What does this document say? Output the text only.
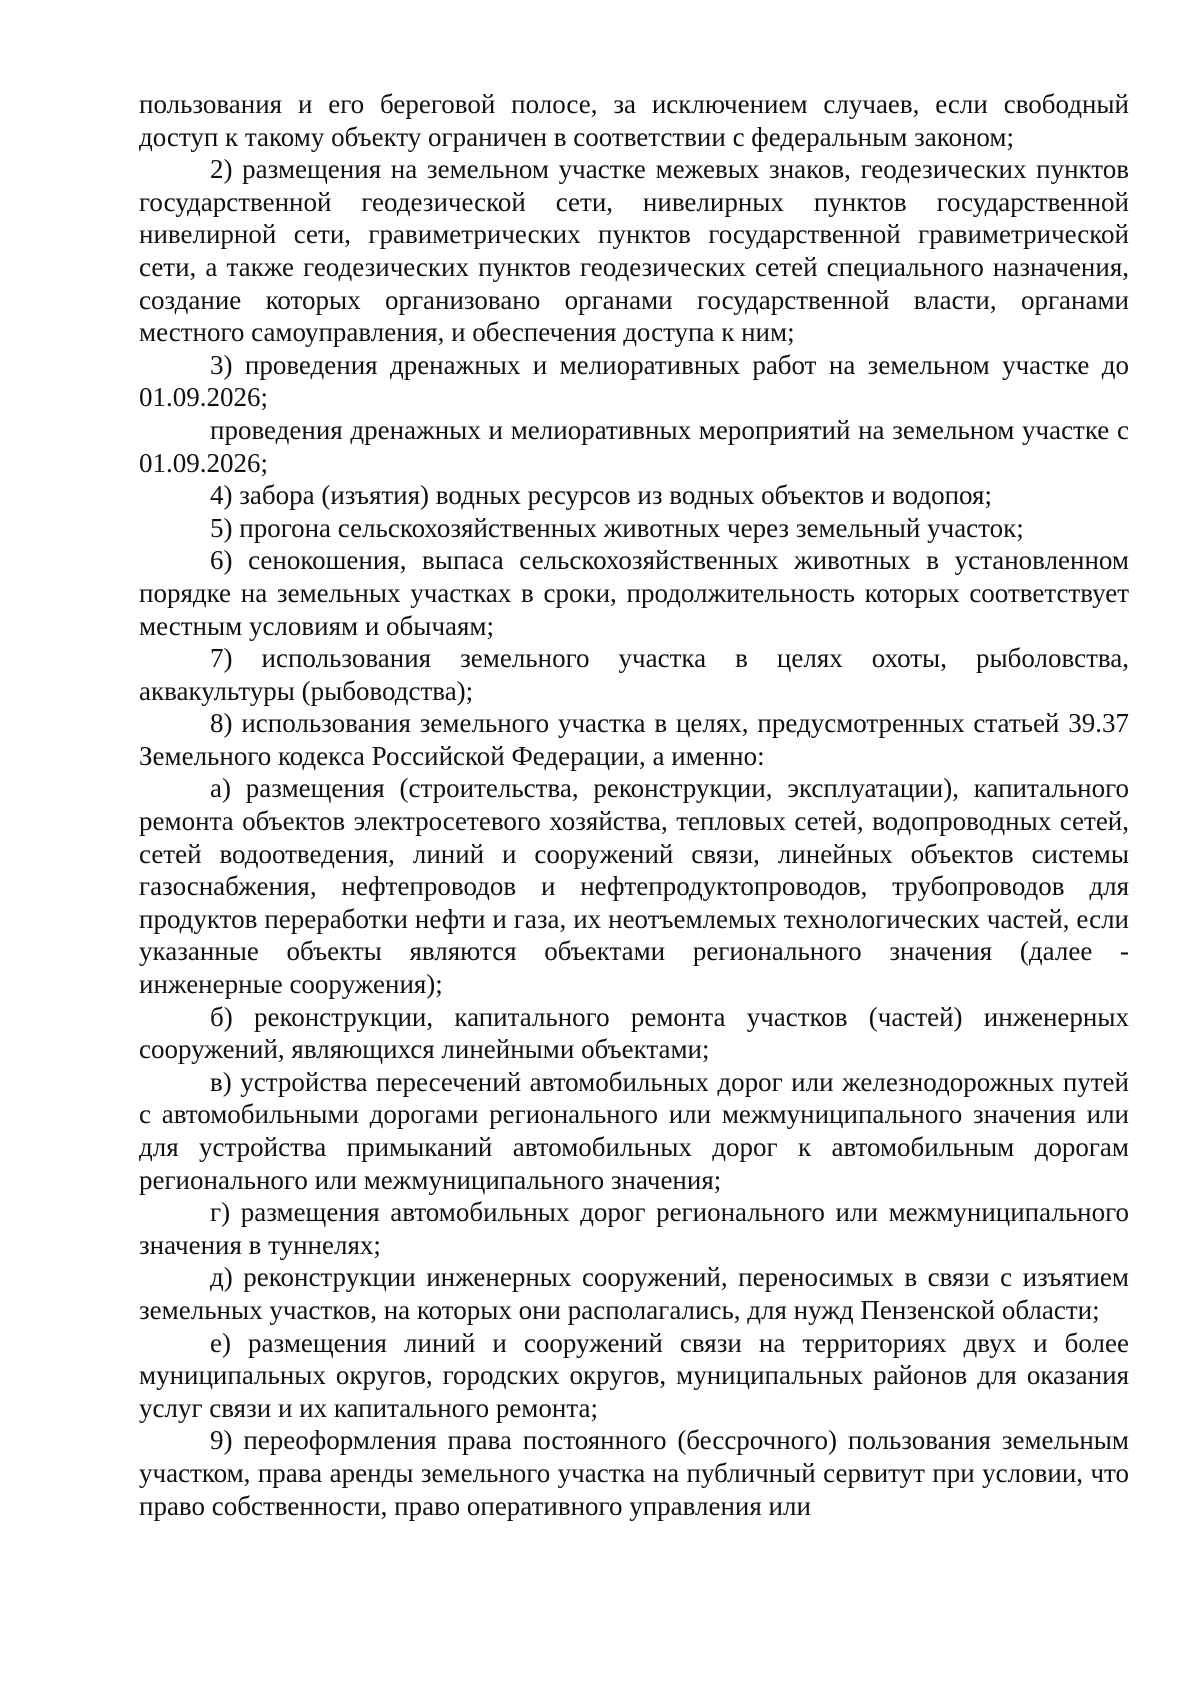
пользования и его береговой полосе, за исключением случаев, если свободный доступ к такому объекту ограничен в соответствии с федеральным законом;

2) размещения на земельном участке межевых знаков, геодезических пунктов государственной геодезической сети, нивелирных пунктов государственной нивелирной сети, гравиметрических пунктов государственной гравиметрической сети, а также геодезических пунктов геодезических сетей специального назначения, создание которых организовано органами государственной власти, органами местного самоуправления, и обеспечения доступа к ним;

3) проведения дренажных и мелиоративных работ на земельном участке до 01.09.2026;

проведения дренажных и мелиоративных мероприятий на земельном участке с 01.09.2026;

4) забора (изъятия) водных ресурсов из водных объектов и водопоя;

5) прогона сельскохозяйственных животных через земельный участок;

6) сенокошения, выпаса сельскохозяйственных животных в установленном порядке на земельных участках в сроки, продолжительность которых соответствует местным условиям и обычаям;

7) использования земельного участка в целях охоты, рыболовства, аквакультуры (рыбоводства);

8) использования земельного участка в целях, предусмотренных статьей 39.37 Земельного кодекса Российской Федерации, а именно:

а) размещения (строительства, реконструкции, эксплуатации), капитального ремонта объектов электросетевого хозяйства, тепловых сетей, водопроводных сетей, сетей водоотведения, линий и сооружений связи, линейных объектов системы газоснабжения, нефтепроводов и нефтепродуктопроводов, трубопроводов для продуктов переработки нефти и газа, их неотъемлемых технологических частей, если указанные объекты являются объектами регионального значения (далее - инженерные сооружения);

б) реконструкции, капитального ремонта участков (частей) инженерных сооружений, являющихся линейными объектами;

в) устройства пересечений автомобильных дорог или железнодорожных путей с автомобильными дорогами регионального или межмуниципального значения или для устройства примыканий автомобильных дорог к автомобильным дорогам регионального или межмуниципального значения;

г) размещения автомобильных дорог регионального или межмуниципального значения в туннелях;

д) реконструкции инженерных сооружений, переносимых в связи с изъятием земельных участков, на которых они располагались, для нужд Пензенской области;

е) размещения линий и сооружений связи на территориях двух и более муниципальных округов, городских округов, муниципальных районов для оказания услуг связи и их капитального ремонта;

9) переоформления права постоянного (бессрочного) пользования земельным участком, права аренды земельного участка на публичный сервитут при условии, что право собственности, право оперативного управления или
